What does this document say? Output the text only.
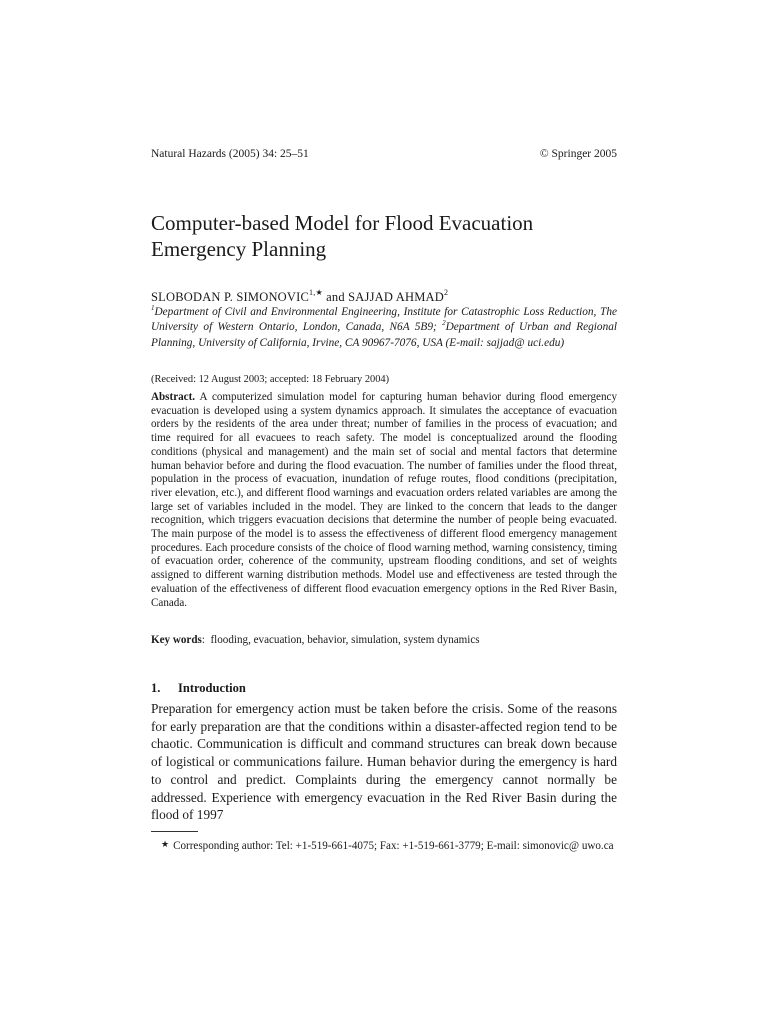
Natural Hazards (2005) 34: 25–51	© Springer 2005
Computer-based Model for Flood Evacuation Emergency Planning
SLOBODAN P. $SIMONOVIC^{1,★}$ and SAJJAD AHMAD$^2$
$^1$Department of Civil and Environmental Engineering, Institute for Catastrophic Loss Reduction, The University of Western Ontario, London, Canada, N6A 5B9; $^2$Department of Urban and Regional Planning, University of California, Irvine, CA 90967-7076, USA (E-mail: sajjad@ uci.edu)
(Received: 12 August 2003; accepted: 18 February 2004)

Abstract. A computerized simulation model for capturing human behavior during flood emergency evacuation is developed using a system dynamics approach. It simulates the acceptance of evacuation orders by the residents of the area under threat; number of families in the process of evacuation; and time required for all evacuees to reach safety. The model is conceptualized around the flooding conditions (physical and management) and the main set of social and mental factors that determine human behavior before and during the flood evacuation. The number of families under the flood threat, population in the process of evacuation, inundation of refuge routes, flood conditions (precipitation, river elevation, etc.), and different flood warnings and evacuation orders related variables are among the large set of variables included in the model. They are linked to the concern that leads to the danger recognition, which triggers evacuation decisions that determine the number of people being evacuated. The main purpose of the model is to assess the effectiveness of different flood emergency management procedures. Each procedure consists of the choice of flood warning method, warning consistency, timing of evacuation order, coherence of the community, upstream flooding conditions, and set of weights assigned to different warning distribution methods. Model use and effectiveness are tested through the evaluation of the effectiveness of different flood evacuation emergency options in the Red River Basin, Canada.

Key words:  flooding, evacuation, behavior, simulation, system dynamics
1. Introduction

Preparation for emergency action must be taken before the crisis. Some of the reasons for early preparation are that the conditions within a disaster-affected region tend to be chaotic. Communication is difficult and command structures can break down because of logistical or communications failure. Human behavior during the emergency is hard to control and predict. Complaints during the emergency cannot normally be addressed. Experience with emergency evacuation in the Red River Basin during the flood of 1997

★ Corresponding author: Tel: +1-519-661-4075; Fax: +1-519-661-3779; E-mail: simonovic@ uwo.ca
